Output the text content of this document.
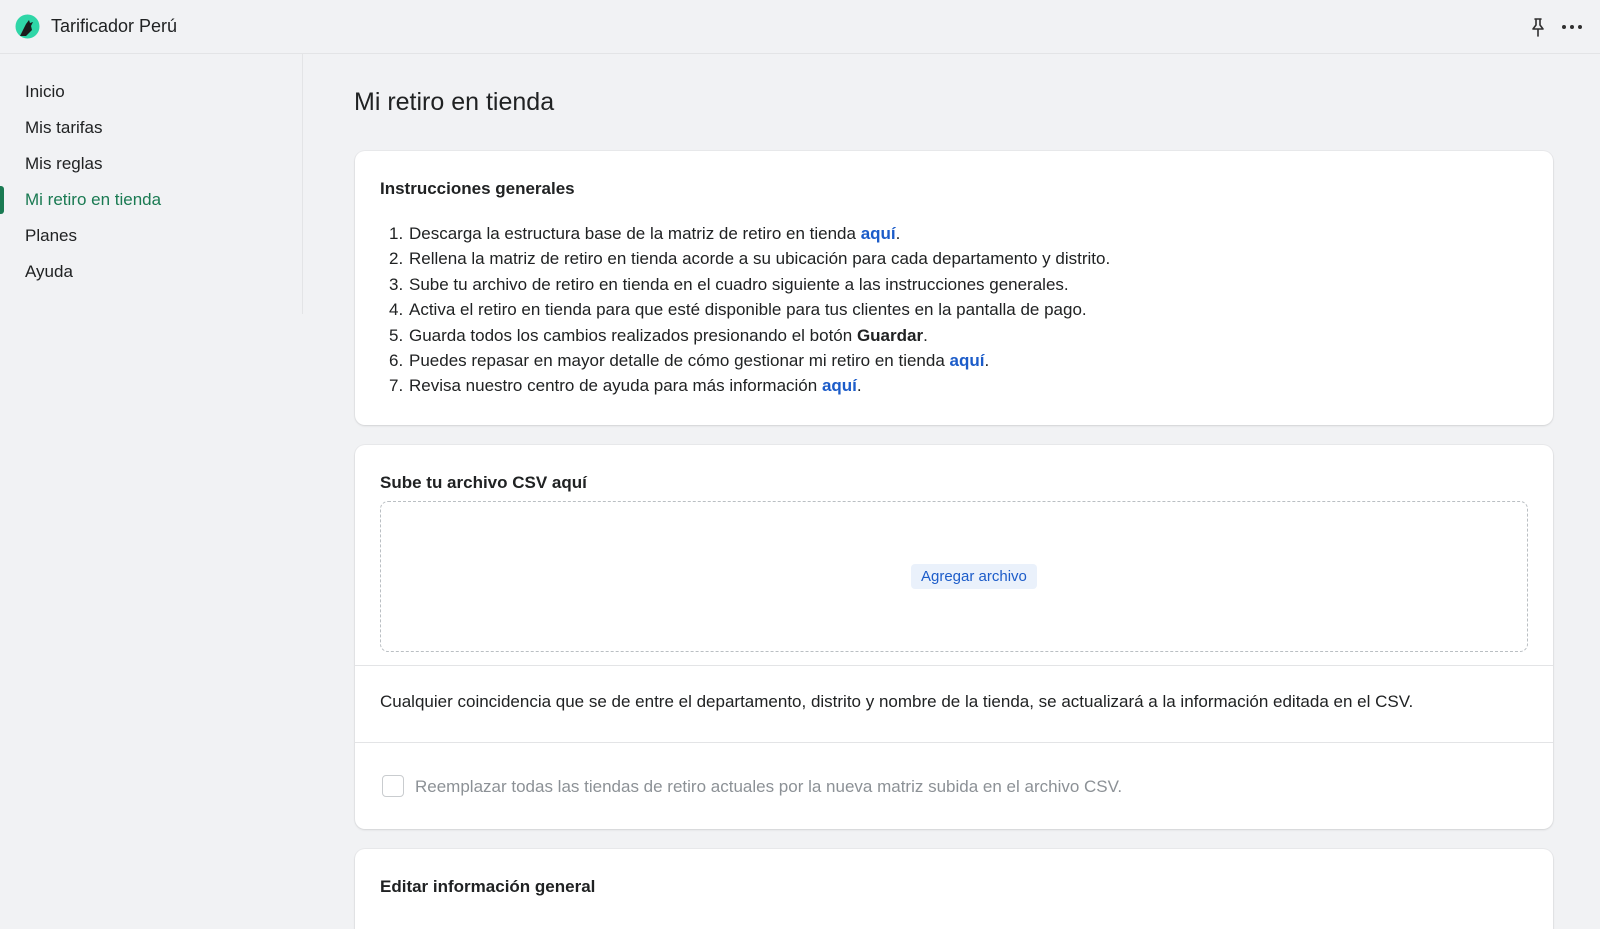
Tarificador Perú
Inicio
Mis tarifas
Mis reglas
Mi retiro en tienda
Planes
Ayuda
Mi retiro en tienda
Instrucciones generales
1. Descarga la estructura base de la matriz de retiro en tienda aquí.
2. Rellena la matriz de retiro en tienda acorde a su ubicación para cada departamento y distrito.
3. Sube tu archivo de retiro en tienda en el cuadro siguiente a las instrucciones generales.
4. Activa el retiro en tienda para que esté disponible para tus clientes en la pantalla de pago.
5. Guarda todos los cambios realizados presionando el botón Guardar.
6. Puedes repasar en mayor detalle de cómo gestionar mi retiro en tienda aquí.
7. Revisa nuestro centro de ayuda para más información aquí.
Sube tu archivo CSV aquí
Agregar archivo

Cualquier coincidencia que se de entre el departamento, distrito y nombre de la tienda, se actualizará a la información editada en el CSV.

Reemplazar todas las tiendas de retiro actuales por la nueva matriz subida en el archivo CSV.
Editar información general
